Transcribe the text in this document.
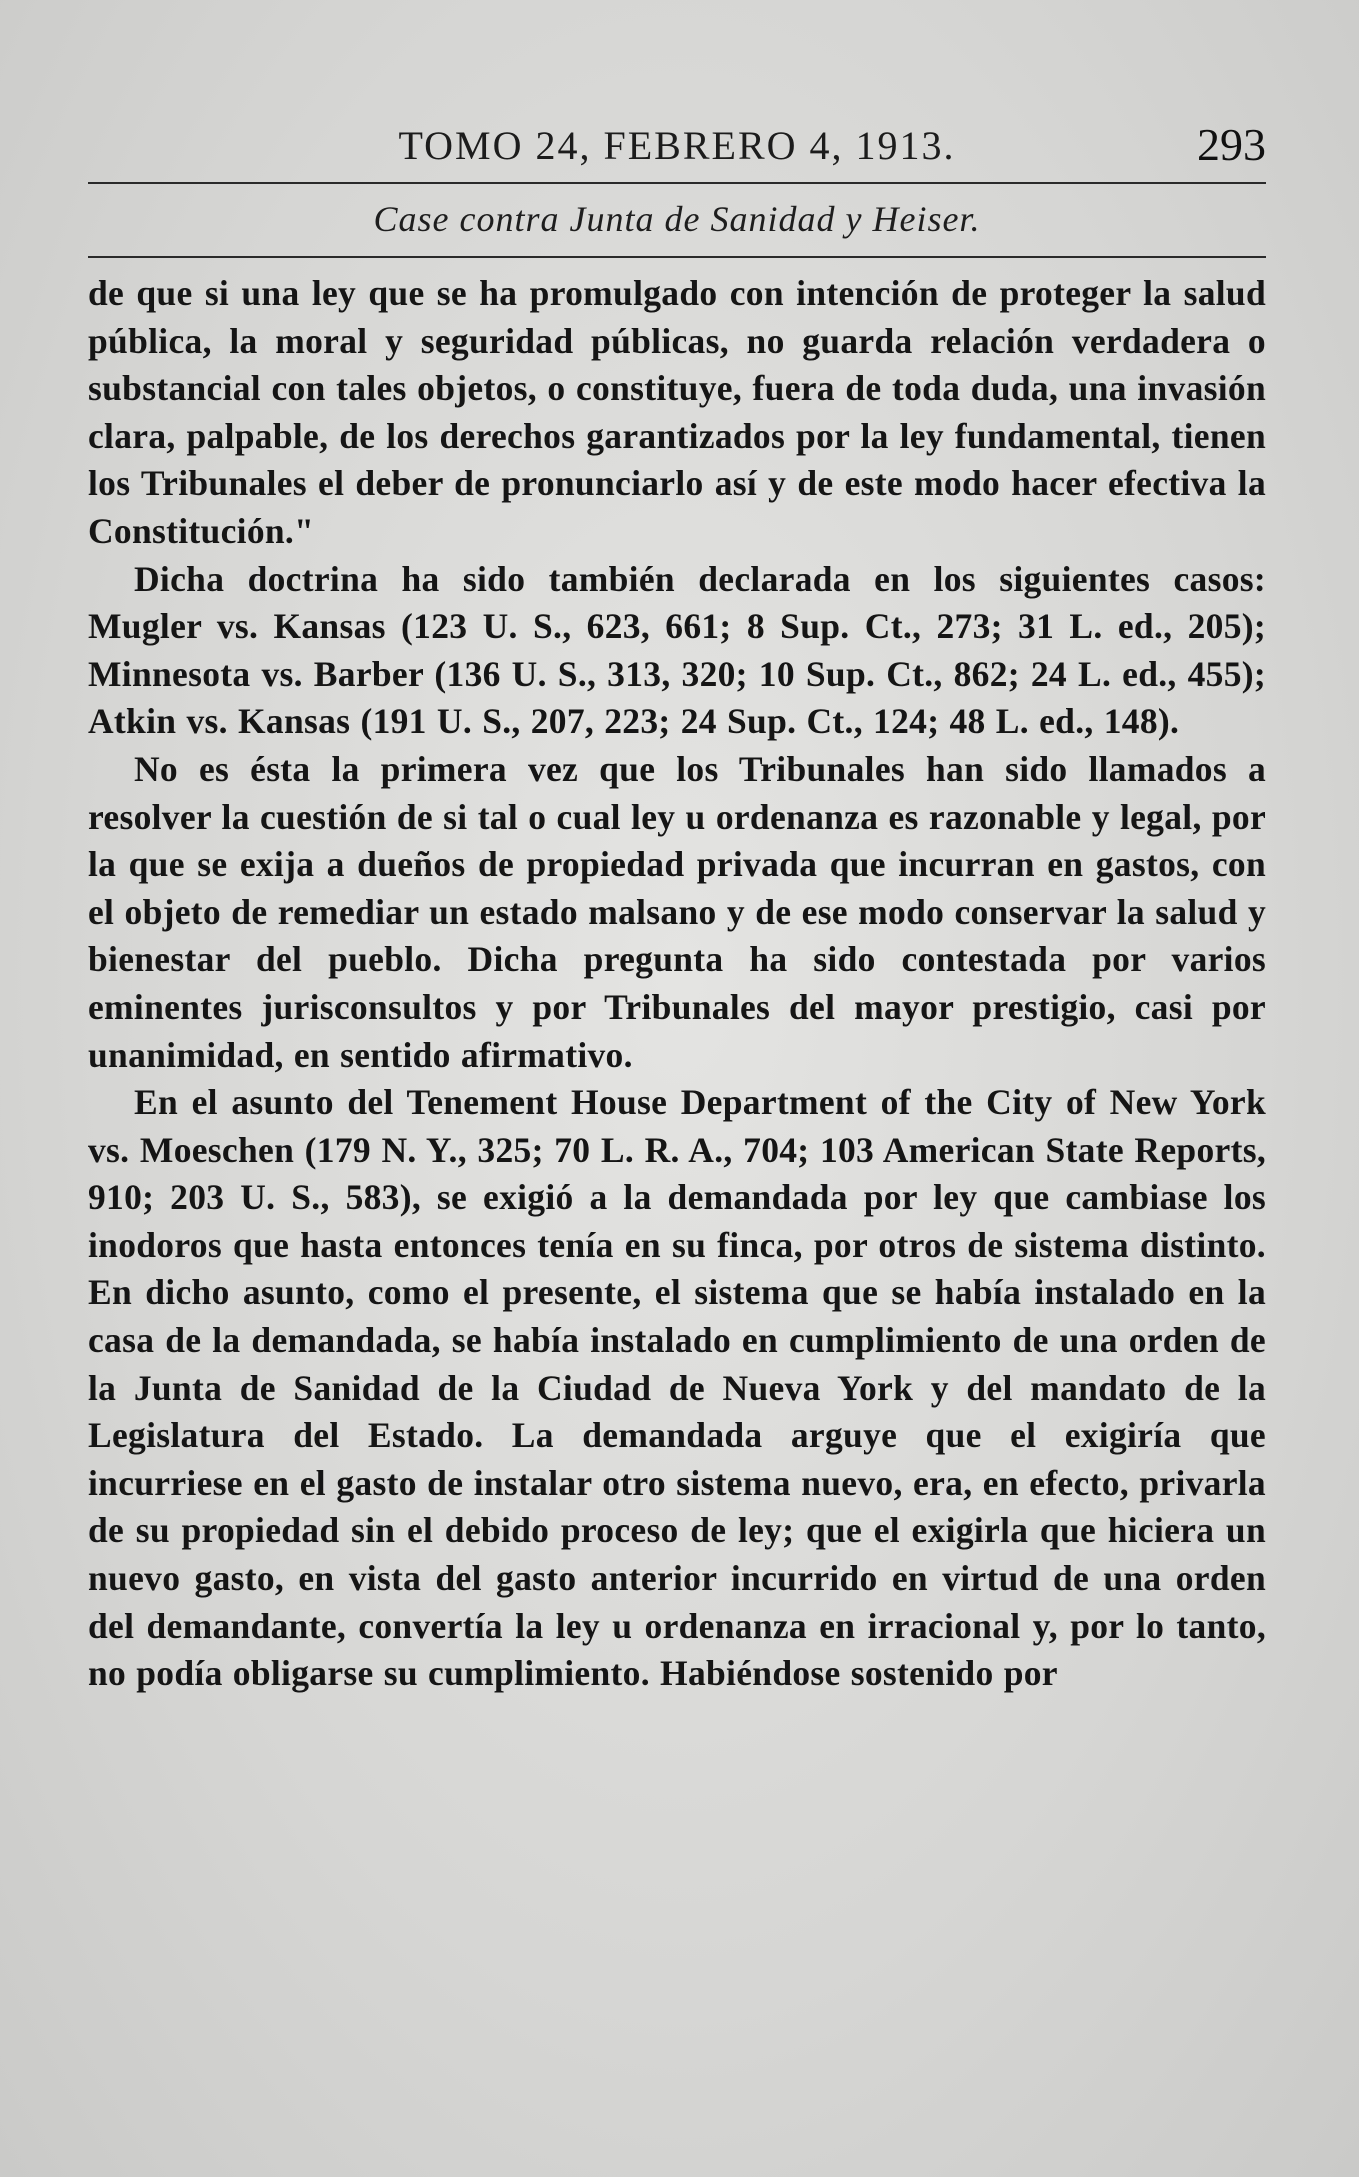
TOMO 24, FEBRERO 4, 1913.	293
Case contra Junta de Sanidad y Heiser.

de que si una ley que se ha promulgado con intención de proteger la salud pública, la moral y seguridad públicas, no guarda relación verdadera o substancial con tales objetos, o constituye, fuera de toda duda, una invasión clara, palpable, de los derechos garantizados por la ley fundamental, tienen los Tribunales el deber de pronunciarlo así y de este modo hacer efectiva la Constitución."

Dicha doctrina ha sido también declarada en los siguientes casos: Mugler vs. Kansas (123 U. S., 623, 661; 8 Sup. Ct., 273; 31 L. ed., 205); Minnesota vs. Barber (136 U. S., 313, 320; 10 Sup. Ct., 862; 24 L. ed., 455); Atkin vs. Kansas (191 U. S., 207, 223; 24 Sup. Ct., 124; 48 L. ed., 148).

No es ésta la primera vez que los Tribunales han sido llamados a resolver la cuestión de si tal o cual ley u ordenanza es razonable y legal, por la que se exija a dueños de propiedad privada que incurran en gastos, con el objeto de remediar un estado malsano y de ese modo conservar la salud y bienestar del pueblo. Dicha pregunta ha sido contestada por varios eminentes jurisconsultos y por Tribunales del mayor prestigio, casi por unanimidad, en sentido afirmativo.

En el asunto del Tenement House Department of the City of New York vs. Moeschen (179 N. Y., 325; 70 L. R. A., 704; 103 American State Reports, 910; 203 U. S., 583), se exigió a la demandada por ley que cambiase los inodoros que hasta entonces tenía en su finca, por otros de sistema distinto. En dicho asunto, como el presente, el sistema que se había instalado en la casa de la demandada, se había instalado en cumplimiento de una orden de la Junta de Sanidad de la Ciudad de Nueva York y del mandato de la Legislatura del Estado. La demandada arguye que el exigiría que incurriese en el gasto de instalar otro sistema nuevo, era, en efecto, privarla de su propiedad sin el debido proceso de ley; que el exigirla que hiciera un nuevo gasto, en vista del gasto anterior incurrido en virtud de una orden del demandante, convertía la ley u ordenanza en irracional y, por lo tanto, no podía obligarse su cumplimiento. Habiéndose sostenido por
